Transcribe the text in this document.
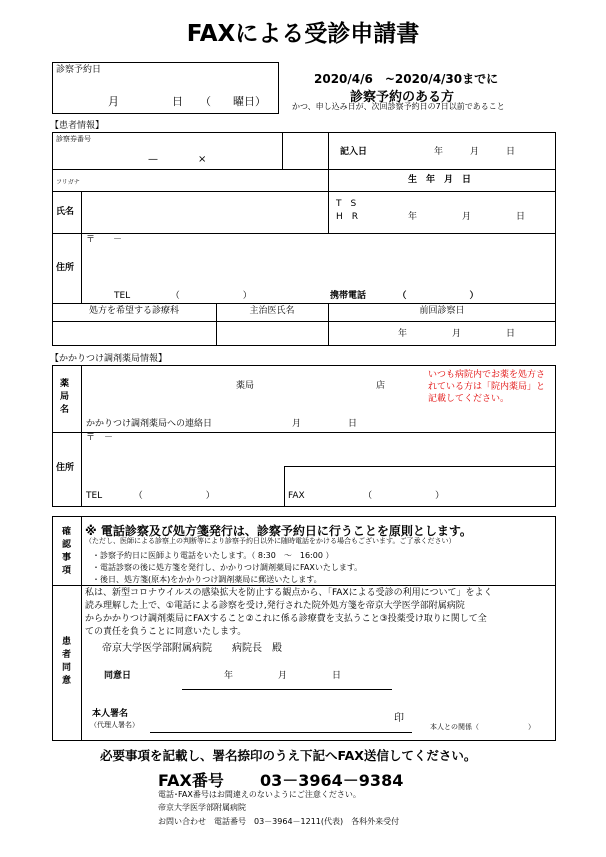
FAXによる受診申請書
診察予約日
月	日 （　　曜日）
2020/4/6　~2020/4/30までに
診察予約のある方
かつ、申し込み日が、次回診察予約日の7日以前であること
【患者情報】
診察券番号
—　　　　×
記入日	年　　　月　　　日
フリガナ	生　年　月　日
氏名
T　S
H　R	年　　　　　月　　　　　日
住所
〒　　－
TEL　　　　　（　　　　　　　）	携帯電話　　　　（　　　　　　　）
処方を希望する診療科	主治医氏名	前回診察日
年　　　　　月　　　　　日
【かかりつけ調剤薬局情報】
薬局名
薬局	店
いつも病院内でお薬を処方されている方は「院内薬局」と記載してください。
かかりつけ調剤薬局への連絡日	月	日
住所
〒　－
TEL　　　　（　　　　　　　）	FAX　　　　　　　（　　　　　　　）
確認事項
※ 電話診察及び処方箋発行は、診察予約日に行うことを原則とします。
（ただし、医師による診察上の判断等により診察予約日以外に随時電話をかける場合もございます。ご了承ください）
・診察予約日に医師より電話をいたします。（ 8:30　〜　16:00 ）
・電話診察の後に処方箋を発行し、かかりつけ調剤薬局にFAXいたします。
・後日、処方箋(原本)をかかりつけ調剤薬局に郵送いたします。
患者同意
私は、新型コロナウイルスの感染拡大を防止する観点から、「FAXによる受診の利用について」をよく
読み理解した上で、①電話による診察を受け,発行された院外処方箋を帝京大学医学部附属病院
からかかりつけ調剤薬局にFAXすること②これに係る診療費を支払うこと③投薬受け取りに関して全
ての責任を負うことに同意いたします。
帝京大学医学部附属病院　　病院長　殿
同意日	年　　　　　月　　　　　日
本人署名
（代理人署名）
印
本人との関係（　　　　　　　）
必要事項を記載し、署名捺印のうえ下記へFAX送信してください。
FAX番号 03－3964－9384
電話･FAX番号はお間違えのないようにご注意ください。
帝京大学医学部附属病院
お問い合わせ　電話番号　03－3964－1211(代表)　各科外来受付
